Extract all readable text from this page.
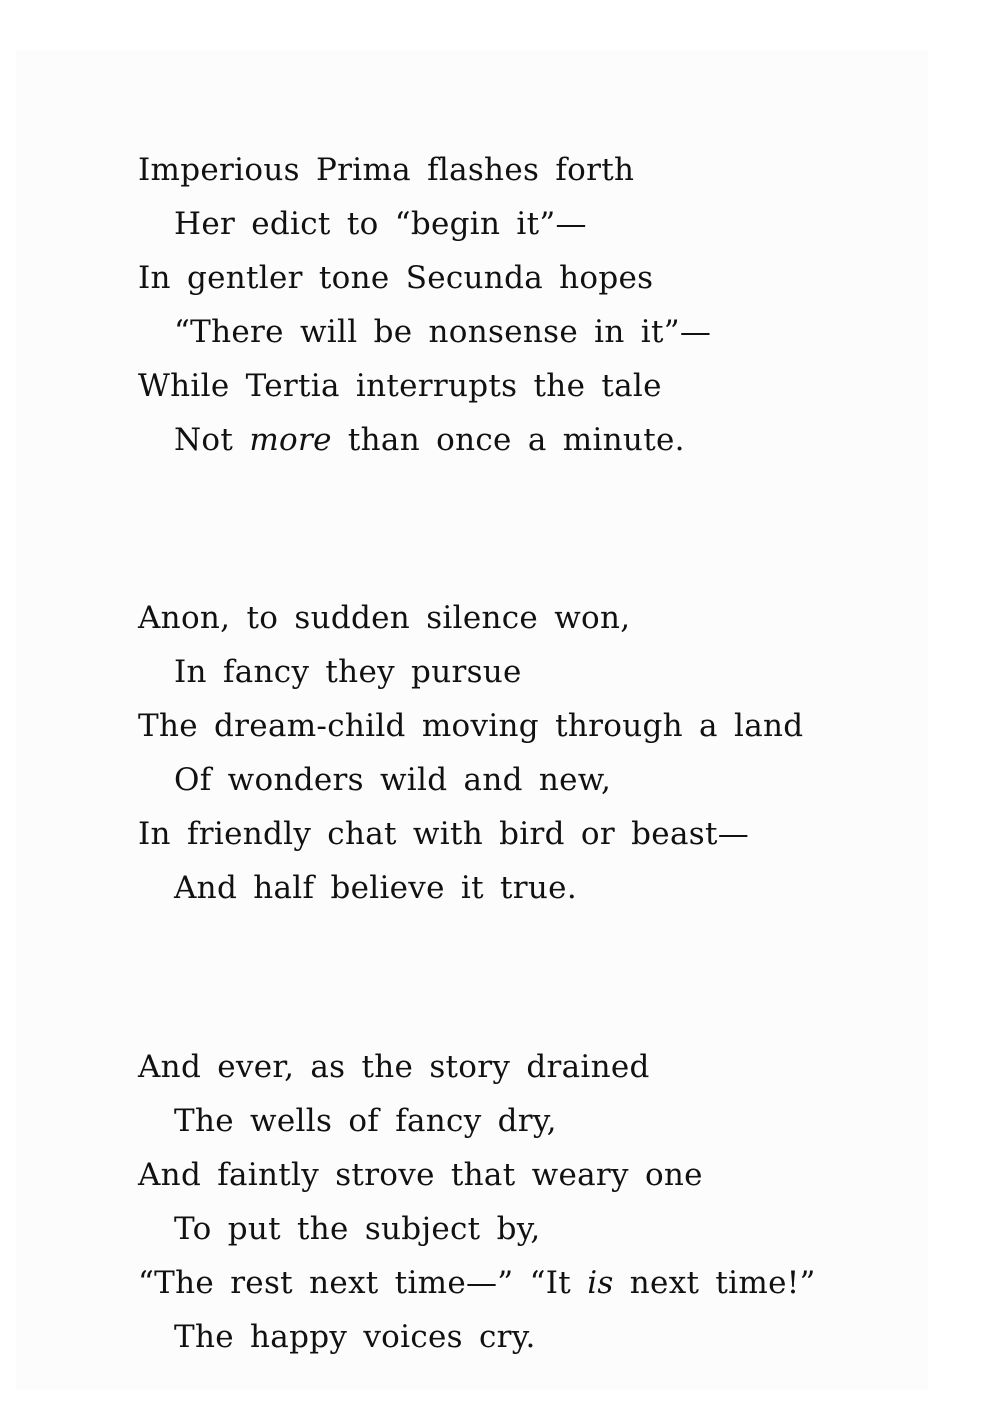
Imperious Prima flashes forth
Her edict to “begin it”—
In gentler tone Secunda hopes
“There will be nonsense in it”—
While Tertia interrupts the tale
Not more than once a minute.
Anon, to sudden silence won,
In fancy they pursue
The dream-child moving through a land
Of wonders wild and new,
In friendly chat with bird or beast—
And half believe it true.
And ever, as the story drained
The wells of fancy dry,
And faintly strove that weary one
To put the subject by,
“The rest next time—” “It is next time!”
The happy voices cry.
